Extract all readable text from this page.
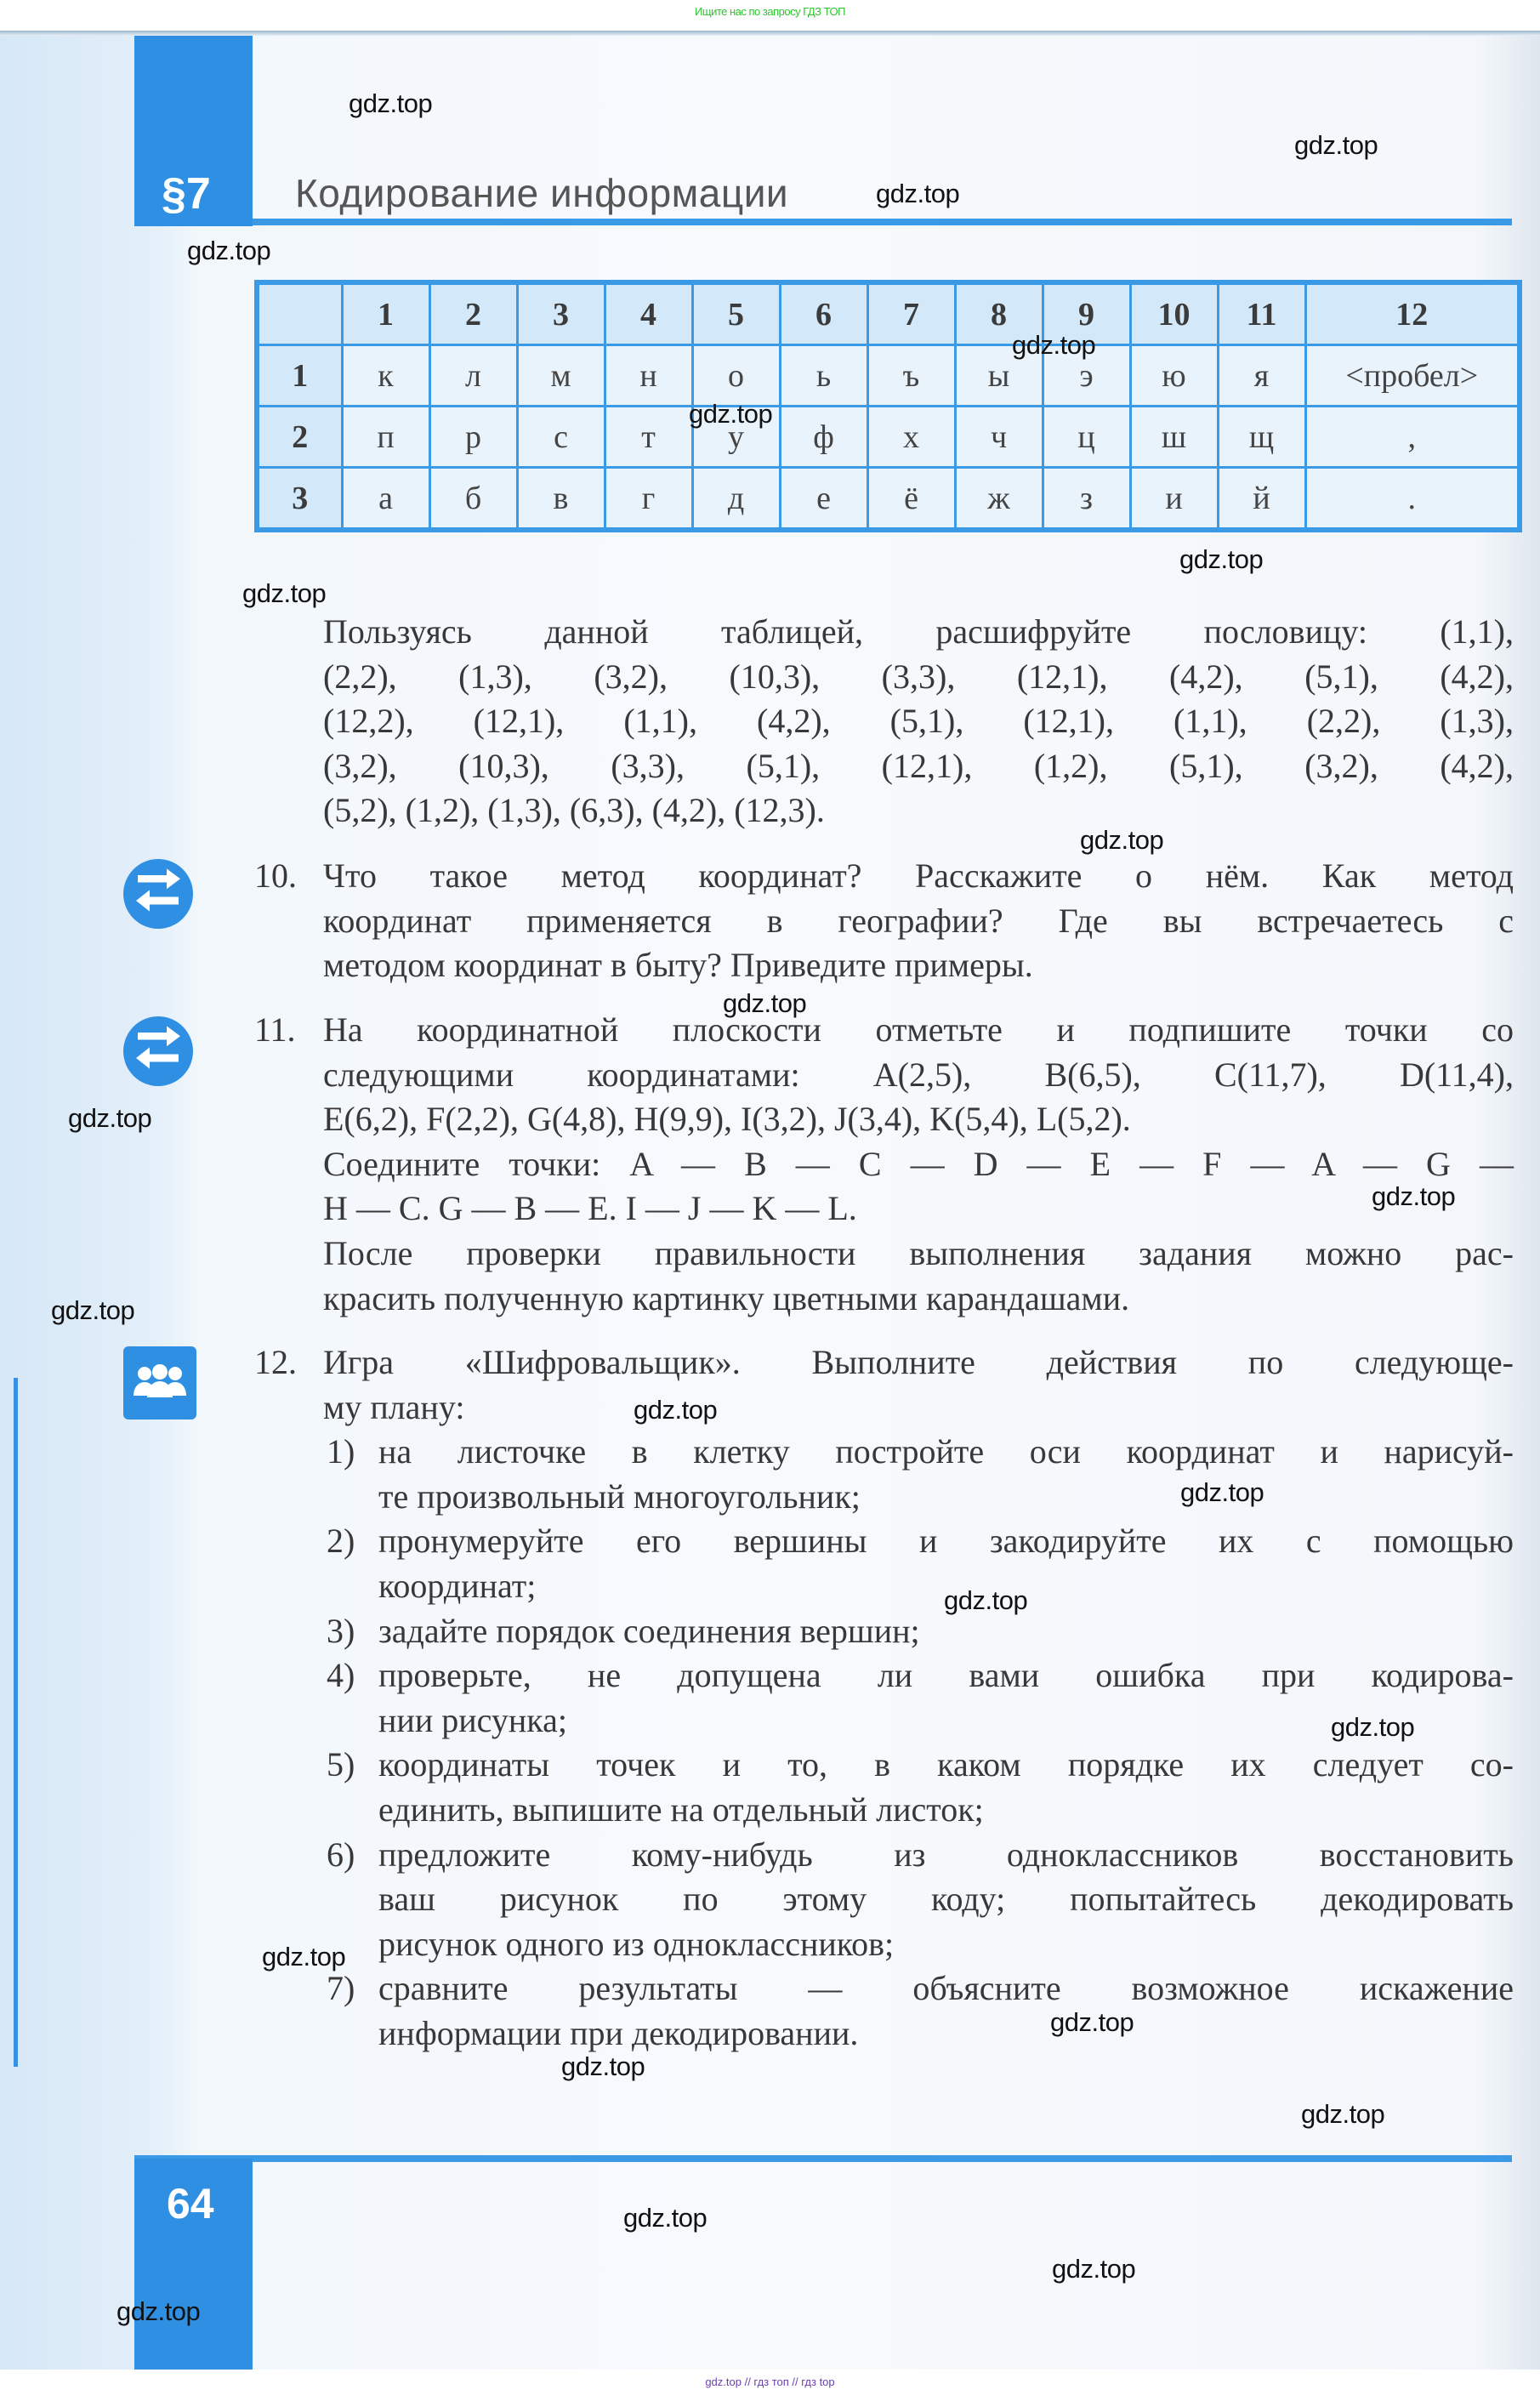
Ищите нас по запросу ГДЗ ТОП
§7 Кодирование информации
	1	2	3	4	5	6	7	8	9	10	11	12
1	к	л	м	н	о	ь	ъ	ы	э	ю	я	<пробел>
2	п	р	с	т	у	ф	х	ч	ц	ш	щ	,
3	а	б	в	г	д	е	ё	ж	з	и	й	.
Пользуясь данной таблицей, расшифруйте пословицу: (1,1),
(2,2), (1,3), (3,2), (10,3), (3,3), (12,1), (4,2), (5,1), (4,2),
(12,2), (12,1), (1,1), (4,2), (5,1), (12,1), (1,1), (2,2), (1,3),
(3,2), (10,3), (3,3), (5,1), (12,1), (1,2), (5,1), (3,2), (4,2),
(5,2), (1,2), (1,3), (6,3), (4,2), (12,3).
10. Что такое метод координат? Расскажите о нём. Как метод
координат применяется в географии? Где вы встречаетесь с
методом координат в быту? Приведите примеры.
11. На координатной плоскости отметьте и подпишите точки со
следующими координатами: A(2,5), B(6,5), C(11,7), D(11,4),
E(6,2), F(2,2), G(4,8), H(9,9), I(3,2), J(3,4), K(5,4), L(5,2).
Соедините точки: A — B — C — D — E — F — A — G —
H — C. G — B — E. I — J — K — L.
После проверки правильности выполнения задания можно рас-
красить полученную картинку цветными карандашами.
12. Игра «Шифровальщик». Выполните действия по следующе-
му плану:
1) на листочке в клетку постройте оси координат и нарисуй-
те произвольный многоугольник;
2) пронумеруйте его вершины и закодируйте их с помощью
координат;
3) задайте порядок соединения вершин;
4) проверьте, не допущена ли вами ошибка при кодирова-
нии рисунка;
5) координаты точек и то, в каком порядке их следует со-
единить, выпишите на отдельный листок;
6) предложите кому-нибудь из одноклассников восстановить
ваш рисунок по этому коду; попытайтесь декодировать
рисунок одного из одноклассников;
7) сравните результаты — объясните возможное искажение
информации при декодировании.
64
gdz.top // гдз топ // гдз top
gdz.top
gdz.top
gdz.top
gdz.top
gdz.top
gdz.top
gdz.top
gdz.top
gdz.top
gdz.top
gdz.top
gdz.top
gdz.top
gdz.top
gdz.top
gdz.top
gdz.top
gdz.top
gdz.top
gdz.top
gdz.top
gdz.top
gdz.top
gdz.top
